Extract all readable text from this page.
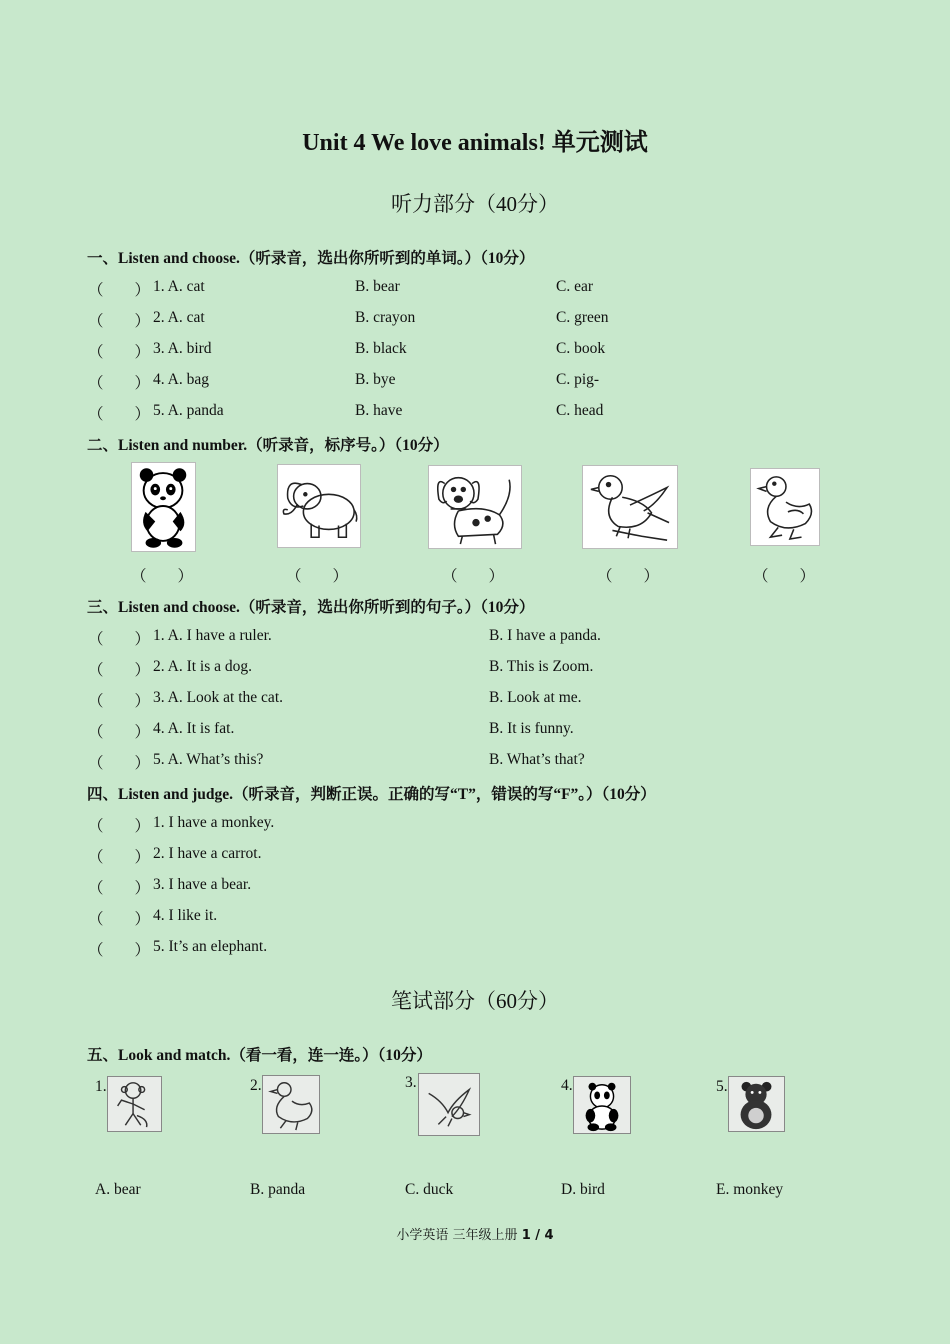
Unit 4 We love animals! 单元测试
听力部分（40分）
一、Listen and choose.（听录音，选出你所听到的单词。）（10分）
（　　） 1. A. cat	B. bear	C. ear
（　　） 2. A. cat	B. crayon	C. green
（　　） 3. A. bird	B. black	C. book
（　　） 4. A. bag	B. bye	C. pig-
（　　） 5. A. panda	B. have	C. head
二、Listen and number.（听录音，标序号。）（10分）
（　　）	（　　）	（　　）	（　　）	（　　）
三、Listen and choose.（听录音，选出你所听到的句子。）（10分）
（　　） 1. A. I have a ruler.	B. I have a panda.
（　　） 2. A. It is a dog.	B. This is Zoom.
（　　） 3. A. Look at the cat.	B. Look at me.
（　　） 4. A. It is fat.	B. It is funny.
（　　） 5. A. What’s this?	B. What’s that?
四、Listen and judge.（听录音，判断正误。正确的写“T”，错误的写“F”。）（10分）
（　　） 1. I have a monkey.
（　　） 2. I have a carrot.
（　　） 3. I have a bear.
（　　） 4. I like it.
（　　） 5. It’s an elephant.
笔试部分（60分）
五、Look and match.（看一看，连一连。）（10分）
1.	2.	3.	4.	5.
A. bear	B. panda	C. duck	D. bird	E. monkey
小学英语 三年级上册 1 / 4
